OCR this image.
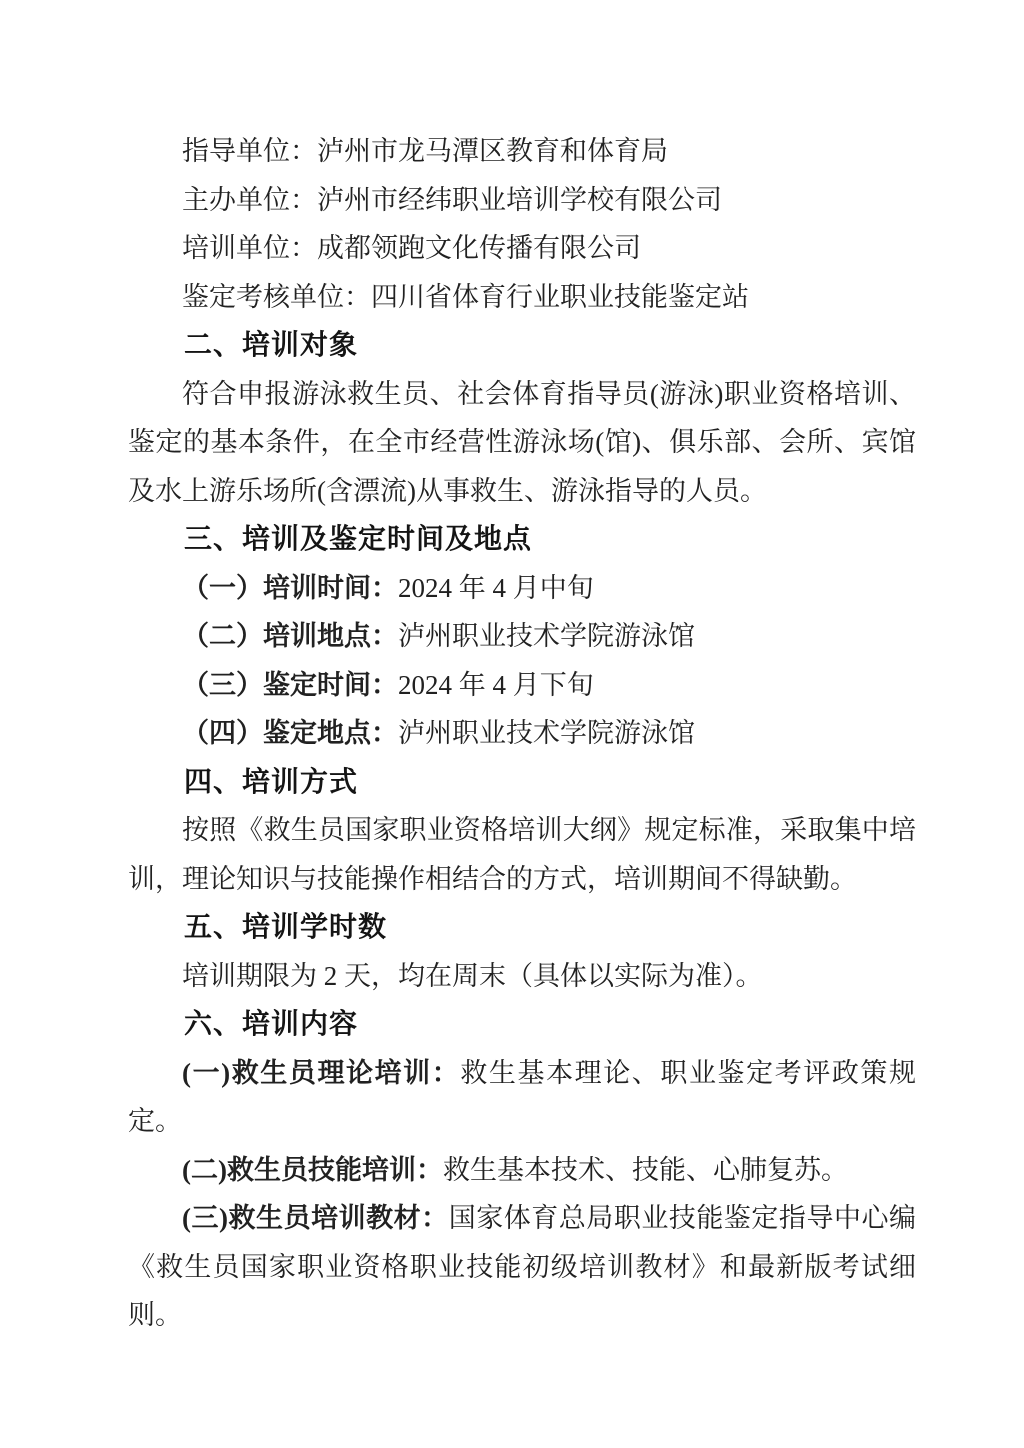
指导单位：泸州市龙马潭区教育和体育局

主办单位：泸州市经纬职业培训学校有限公司

培训单位：成都领跑文化传播有限公司

鉴定考核单位：四川省体育行业职业技能鉴定站

二、培训对象

符合申报游泳救生员、社会体育指导员(游泳)职业资格培训、鉴定的基本条件，在全市经营性游泳场(馆)、俱乐部、会所、宾馆及水上游乐场所(含漂流)从事救生、游泳指导的人员。

三、培训及鉴定时间及地点

（一）培训时间：2024 年 4 月中旬

（二）培训地点：泸州职业技术学院游泳馆

（三）鉴定时间：2024 年 4 月下旬

（四）鉴定地点：泸州职业技术学院游泳馆

四、培训方式

按照《救生员国家职业资格培训大纲》规定标准，采取集中培训，理论知识与技能操作相结合的方式，培训期间不得缺勤。

五、培训学时数

培训期限为 2 天，均在周末（具体以实际为准）。

六、培训内容

(一)救生员理论培训：救生基本理论、职业鉴定考评政策规定。

(二)救生员技能培训：救生基本技术、技能、心肺复苏。

(三)救生员培训教材：国家体育总局职业技能鉴定指导中心编《救生员国家职业资格职业技能初级培训教材》和最新版考试细则。
